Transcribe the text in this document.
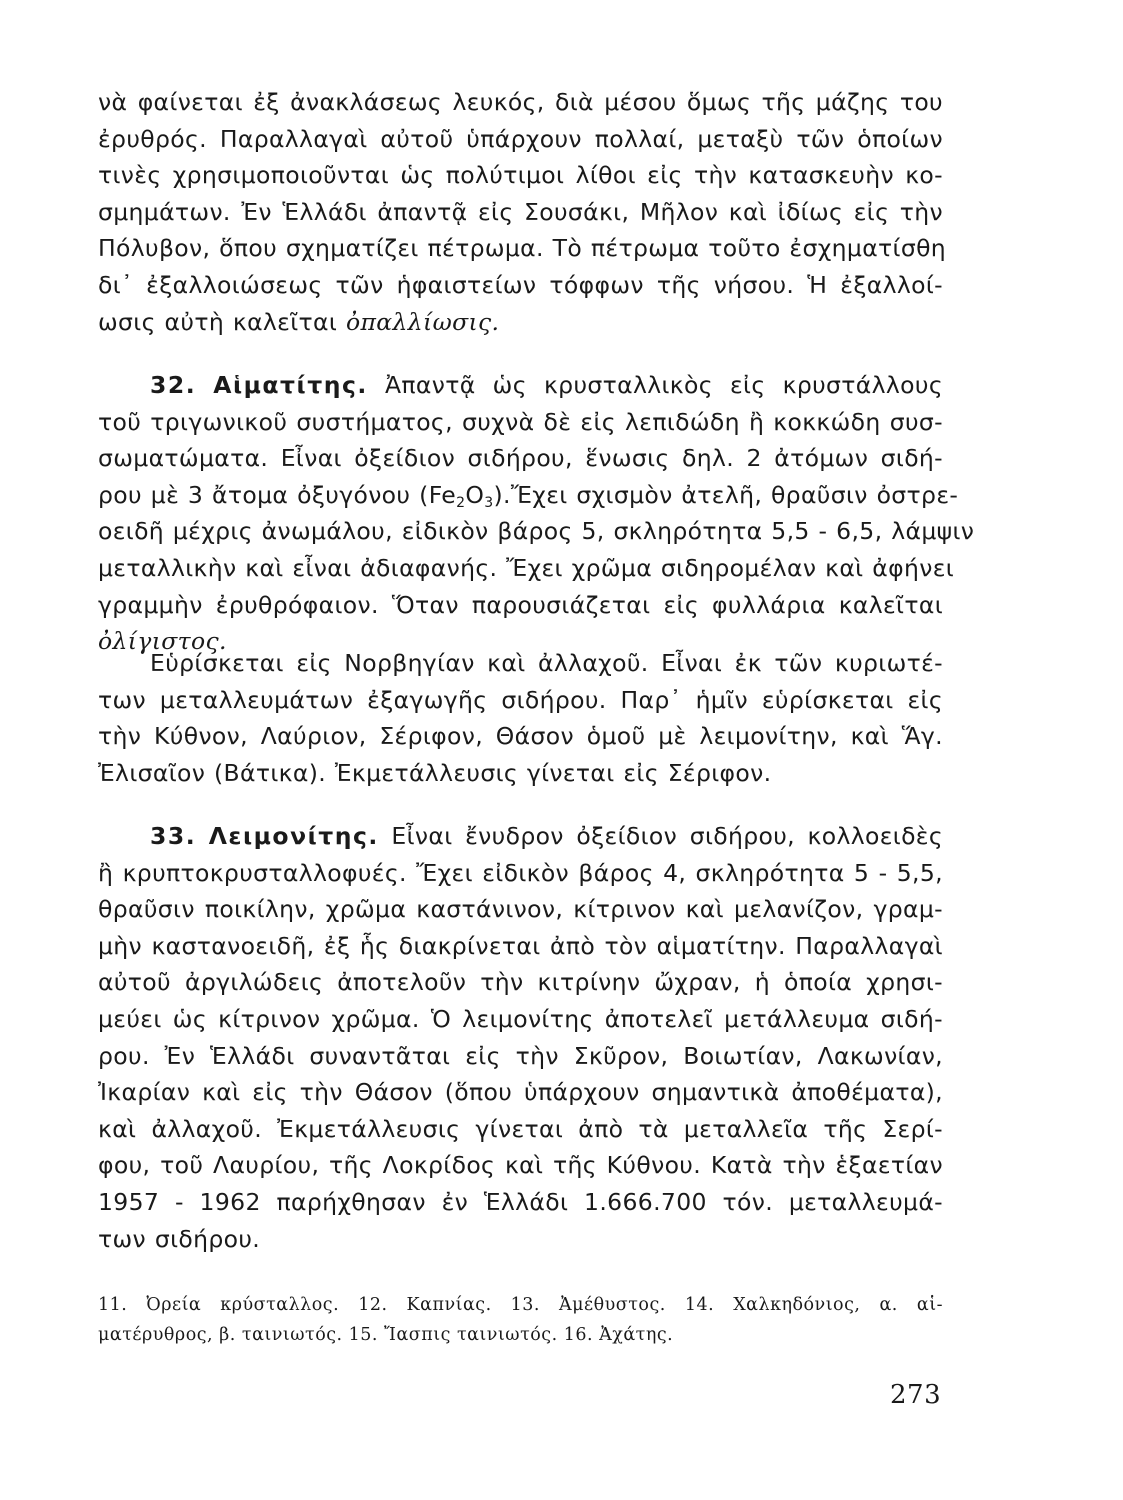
νὰ φαίνεται ἐξ ἀνακλάσεως λευκός, διὰ μέσου ὅμως τῆς μάζης του
ἐρυθρός. Παραλλαγαὶ αὐτοῦ ὑπάρχουν πολλαί, μεταξὺ τῶν ὁποίων
τινὲς χρησιμοποιοῦνται ὡς πολύτιμοι λίθοι εἰς τὴν κατασκευὴν κο-
σμημάτων. Ἐν Ἑλλάδι ἀπαντᾷ εἰς Σουσάκι, Μῆλον καὶ ἰδίως εἰς τὴν
Πόλυβον, ὅπου σχηματίζει πέτρωμα. Τὸ πέτρωμα τοῦτο ἐσχηματίσθη
δι᾽ ἐξαλλοιώσεως τῶν ἡφαιστείων τόφφων τῆς νήσου. Ἡ ἐξαλλοί-
ωσις αὐτὴ καλεῖται ὀπαλλίωσις.
32. Αἱματίτης. Ἀπαντᾷ ὡς κρυσταλλικὸς εἰς κρυστάλλους
τοῦ τριγωνικοῦ συστήματος, συχνὰ δὲ εἰς λεπιδώδη ἢ κοκκώδη συσ-
σωματώματα. Εἶναι ὀξείδιον σιδήρου, ἕνωσις δηλ. 2 ἀτόμων σιδή-
ρου μὲ 3 ἄτομα ὀξυγόνου $(Fe_2O_3).Ἔ\chi\varepsilon\iota$ σχισμὸν ἀτελῆ, θραῦσιν ὀστρε-
οειδῆ μέχρις ἀνωμάλου, εἰδικὸν βάρος 5, σκληρότητα 5,5 - 6,5, λάμψιν
μεταλλικὴν καὶ εἶναι ἀδιαφανής. Ἔχει χρῶμα σιδηρομέλαν καὶ ἀφήνει
γραμμὴν ἐρυθρόφαιον. Ὅταν παρουσιάζεται εἰς φυλλάρια καλεῖται
ὀλίγιστος.
Εὑρίσκεται εἰς Νορβηγίαν καὶ ἀλλαχοῦ. Εἶναι ἐκ τῶν κυριωτέ-
των μεταλλευμάτων ἐξαγωγῆς σιδήρου. Παρ᾽ ἡμῖν εὑρίσκεται εἰς
τὴν Κύθνον, Λαύριον, Σέριφον, Θάσον ὁμοῦ μὲ λειμονίτην, καὶ Ἅγ.
Ἐλισαῖον (Βάτικα). Ἐκμετάλλευσις γίνεται εἰς Σέριφον.
33. Λειμονίτης. Εἶναι ἔνυδρον ὀξείδιον σιδήρου, κολλοειδὲς
ἢ κρυπτοκρυσταλλοφυές. Ἔχει εἰδικὸν βάρος 4, σκληρότητα 5 - 5,5,
θραῦσιν ποικίλην, χρῶμα καστάνινον, κίτρινον καὶ μελανίζον, γραμ-
μὴν καστανοειδῆ, ἐξ ἧς διακρίνεται ἀπὸ τὸν αἱματίτην. Παραλλαγαὶ
αὐτοῦ ἀργιλώδεις ἀποτελοῦν τὴν κιτρίνην ὤχραν, ἡ ὁποία χρησι-
μεύει ὡς κίτρινον χρῶμα. Ὁ λειμονίτης ἀποτελεῖ μετάλλευμα σιδή-
ρου. Ἐν Ἑλλάδι συναντᾶται εἰς τὴν Σκῦρον, Βοιωτίαν, Λακωνίαν,
Ἰκαρίαν καὶ εἰς τὴν Θάσον (ὅπου ὑπάρχουν σημαντικὰ ἀποθέματα),
καὶ ἀλλαχοῦ. Ἐκμετάλλευσις γίνεται ἀπὸ τὰ μεταλλεῖα τῆς Σερί-
φου, τοῦ Λαυρίου, τῆς Λοκρίδος καὶ τῆς Κύθνου. Κατὰ τὴν ἑξαετίαν
1957 - 1962 παρήχθησαν ἐν Ἑλλάδι 1.666.700 τόν. μεταλλευμά-
των σιδήρου.
11. Ὀρεία κρύσταλλος. 12. Καπνίας. 13. Ἀμέθυστος. 14. Χαλκηδόνιος, α. αἱ-
ματέρυθρος, β. ταινιωτός. 15. Ἴασπις ταινιωτός. 16. Ἀχάτης.
273
